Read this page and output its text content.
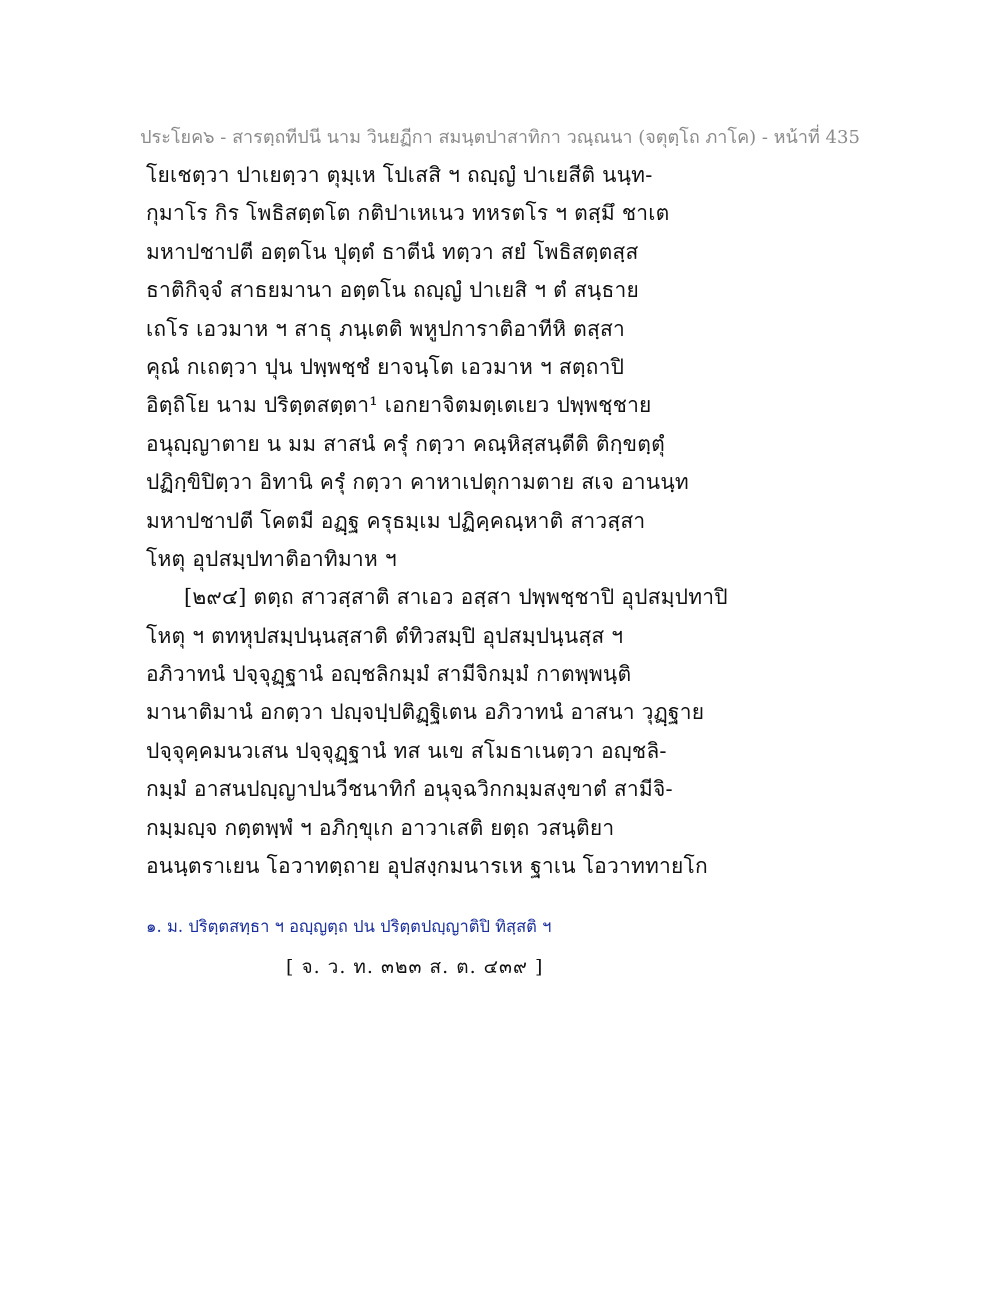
ประโยค๖ - สารตฺถทีปนี นาม วินยฏีกา สมนฺตปาสาทิกา วณฺณนา (จตุตฺโถ ภาโค) - หน้าที่ 435
โยเชตฺวา ปาเยตฺวา ตุมฺเห โปเสสิ ฯ ถญฺญํ ปาเยสีติ นนฺท-
กุมาโร กิร โพธิสตฺตโต กติปาเหเนว ทหรตโร ฯ ตสฺมึ ชาเต
มหาปชาปตี อตฺตโน ปุตฺตํ ธาตีนํ ทตฺวา สยํ โพธิสตฺตสฺส
ธาติกิจฺจํ สาธยมานา อตฺตโน ถญฺญํ ปาเยสิ ฯ ตํ สนฺธาย
เถโร เอวมาห ฯ สาธุ ภนฺเตติ พหูปการาติอาทีหิ ตสฺสา
คุณํ กเถตฺวา ปุน ปพฺพชฺชํ ยาจนฺโต เอวมาห ฯ สตฺถาปิ
อิตฺถิโย นาม ปริตฺตสตฺตา¹ เอกยาจิตมตฺเตเยว ปพฺพชฺชาย
อนุญฺญาตาย น มม สาสนํ ครุํ กตฺวา คณฺหิสฺสนฺตีติ ติกฺขตฺตุํ
ปฏิกฺขิปิตฺวา อิทานิ ครุํ กตฺวา คาหาเปตุกามตาย สเจ อานนฺท
มหาปชาปตี โคตมี อฏฺฐ ครุธมฺเม ปฏิคฺคณฺหาติ สาวสฺสา
โหตุ อุปสมฺปทาติอาทิมาห ฯ
[๒๙๔] ตตฺถ สาวสฺสาติ สาเอว อสฺสา ปพฺพชฺชาปิ อุปสมฺปทาปิ
โหตุ ฯ ตทหุปสมฺปนฺนสฺสาติ ตํทิวสมฺปิ อุปสมฺปนฺนสฺส ฯ
อภิวาทนํ ปจฺจุฏฺฐานํ อญฺชลิกมฺมํ สามีจิกมฺมํ กาตพฺพนฺติ
มานาติมานํ อกตฺวา ปญฺจปฺปติฏฺฐิเตน อภิวาทนํ อาสนา วุฏฺฐาย
ปจฺจุคฺคมนวเสน ปจฺจุฏฺฐานํ ทส นเข สโมธาเนตฺวา อญฺชลิ-
กมฺมํ อาสนปญฺญาปนวีชนาทิกํ อนุจฺฉวิกกมฺมสงฺขาตํ สามีจิ-
กมฺมญฺจ กตฺตพฺพํ ฯ อภิกฺขุเก อาวาเสติ ยตฺถ วสนฺติยา
อนนฺตราเยน โอวาทตฺถาย อุปสงฺกมนารเห ฐาเน โอวาททายโก
๑. ม. ปริตฺตสทฺธา ฯ อญฺญตฺถ ปน ปริตฺตปญฺญาติปิ ทิสฺสติ ฯ
[ จ. ว. ท. ๓๒๓ ส. ต. ๔๓๙ ]
